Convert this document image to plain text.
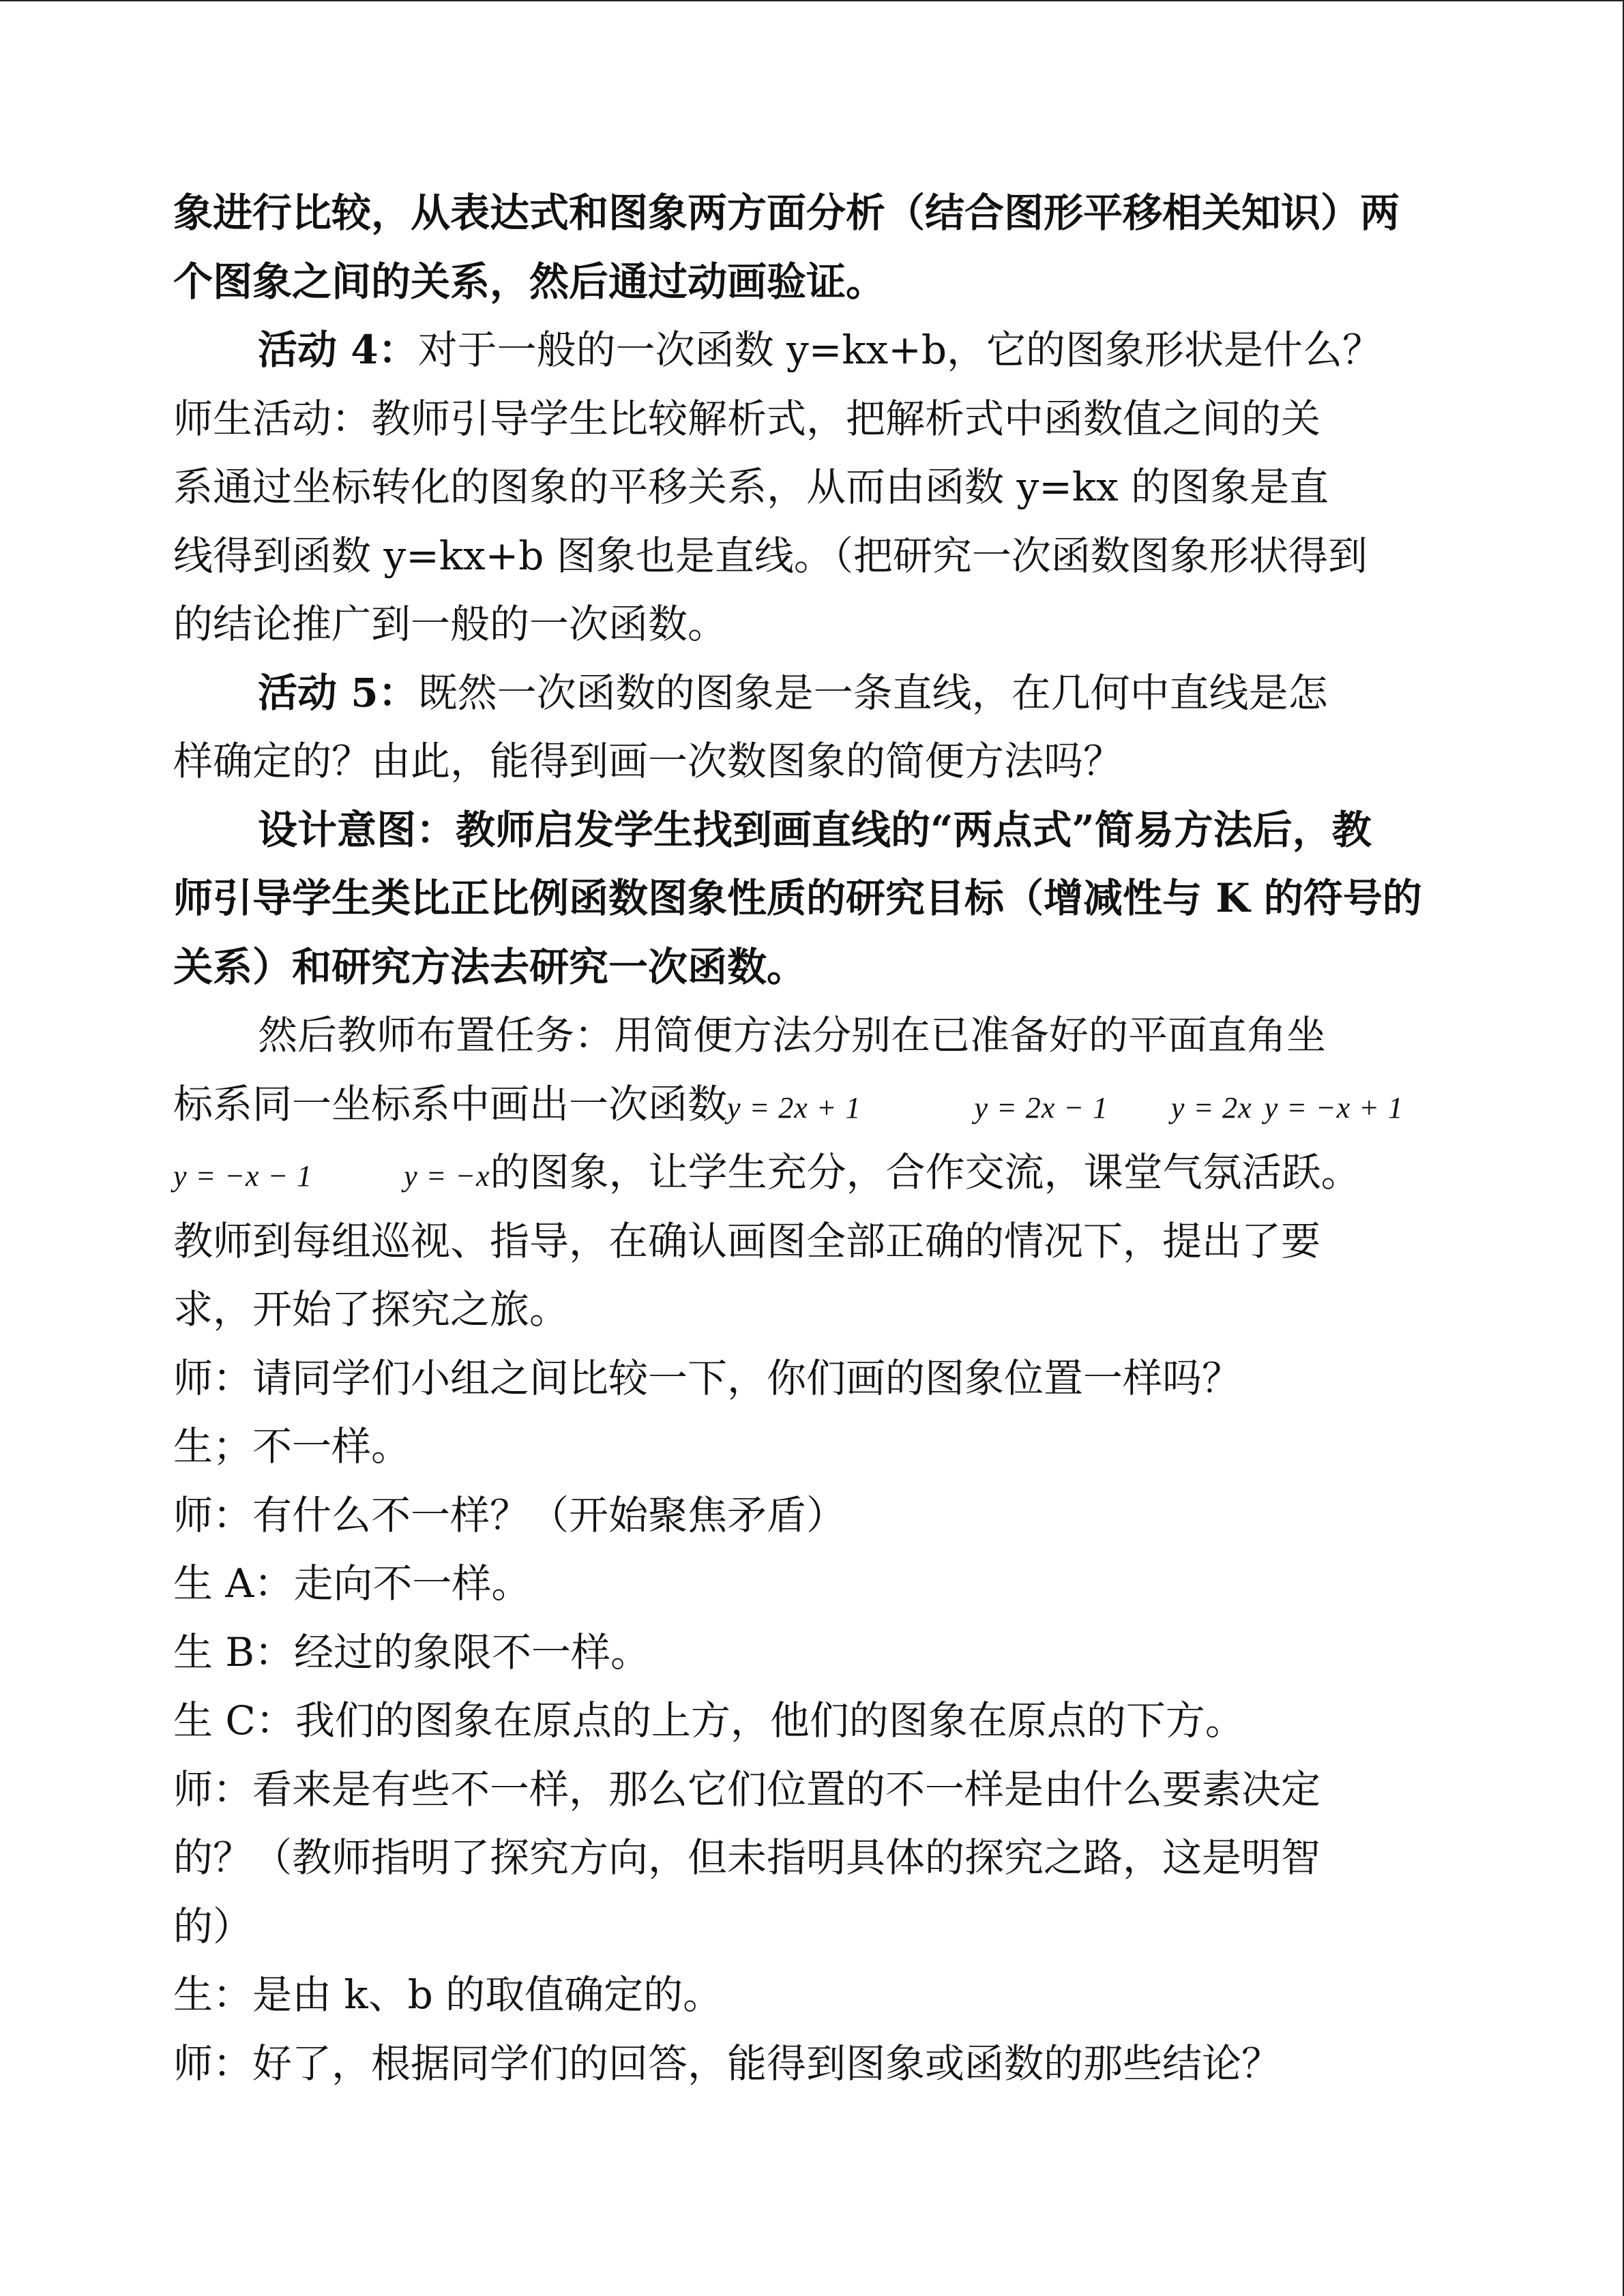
象进行比较，从表达式和图象两方面分析（结合图形平移相关知识）两
个图象之间的关系，然后通过动画验证。
活动 4：对于一般的一次函数 y=kx+b，它的图象形状是什么？
师生活动：教师引导学生比较解析式，把解析式中函数值之间的关
系通过坐标转化的图象的平移关系，从而由函数 y=kx 的图象是直
线得到函数 y=kx+b 图象也是直线。（把研究一次函数图象形状得到
的结论推广到一般的一次函数。
活动 5：既然一次函数的图象是一条直线，在几何中直线是怎
样确定的？由此，能得到画一次数图象的简便方法吗？
设计意图：教师启发学生找到画直线的“两点式”简易方法后，教
师引导学生类比正比例函数图象性质的研究目标（增减性与 K 的符号的
关系）和研究方法去研究一次函数。
然后教师布置任务：用简便方法分别在已准备好的平面直角坐
标系同一坐标系中画出一次函数y = 2x + 1	y = 2x − 1 y = 2x y = −x + 1
y = −x − 1	y = −x的图象，让学生充分，合作交流，课堂气氛活跃。
教师到每组巡视、指导，在确认画图全部正确的情况下，提出了要
求，开始了探究之旅。
师：请同学们小组之间比较一下，你们画的图象位置一样吗？
生；不一样。
师：有什么不一样？（开始聚焦矛盾）
生 A：走向不一样。
生 B：经过的象限不一样。
生 C：我们的图象在原点的上方，他们的图象在原点的下方。
师：看来是有些不一样，那么它们位置的不一样是由什么要素决定
的？（教师指明了探究方向，但未指明具体的探究之路，这是明智
的）
生：是由 k、b 的取值确定的。
师：好了，根据同学们的回答，能得到图象或函数的那些结论？
